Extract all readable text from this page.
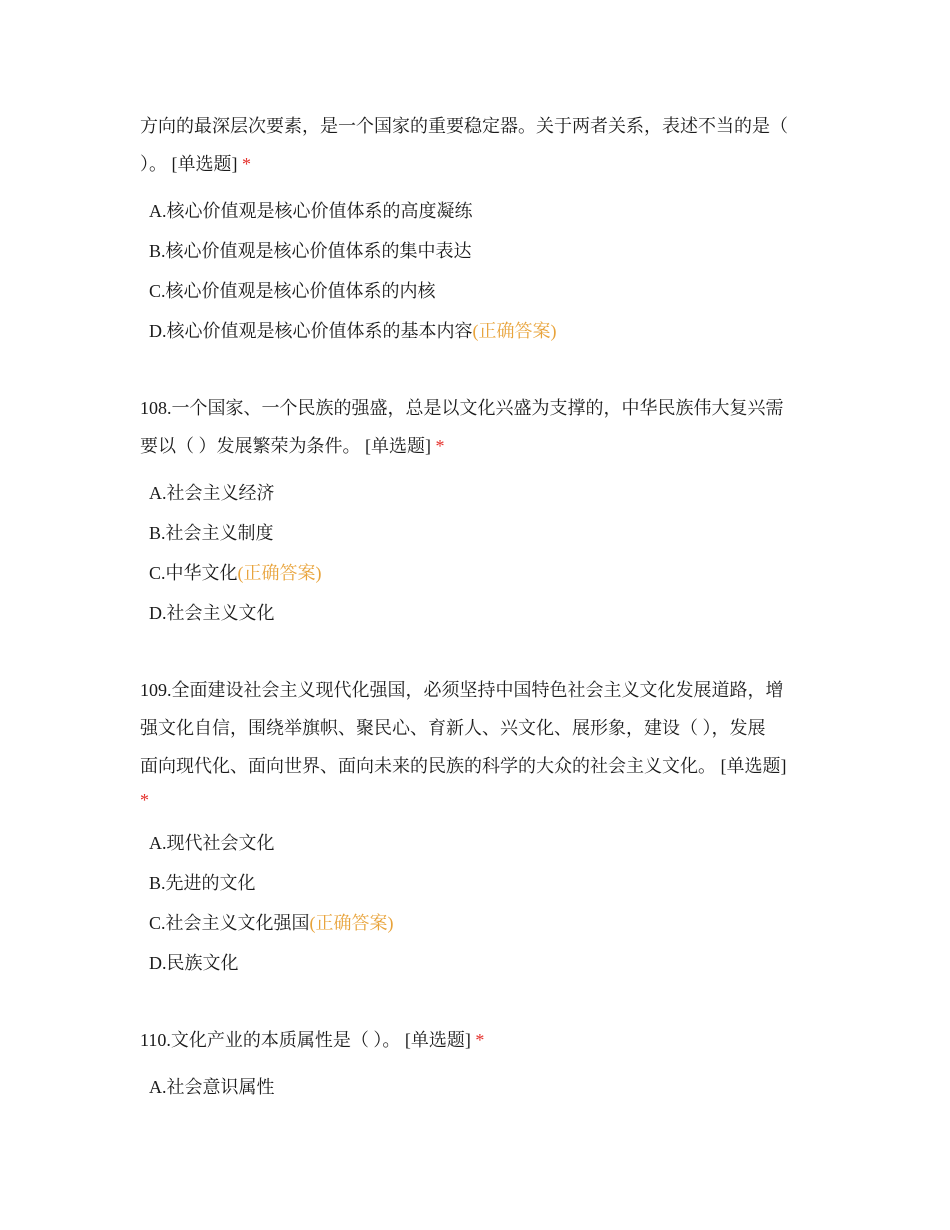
方向的最深层次要素，是一个国家的重要稳定器。关于两者关系，表述不当的是（
）。 [单选题] *
A.核心价值观是核心价值体系的高度凝练
B.核心价值观是核心价值体系的集中表达
C.核心价值观是核心价值体系的内核
D.核心价值观是核心价值体系的基本内容(正确答案)
108.一个国家、一个民族的强盛，总是以文化兴盛为支撑的，中华民族伟大复兴需
要以（ ）发展繁荣为条件。 [单选题] *
A.社会主义经济
B.社会主义制度
C.中华文化(正确答案)
D.社会主义文化
109.全面建设社会主义现代化强国，必须坚持中国特色社会主义文化发展道路，增
强文化自信，围绕举旗帜、聚民心、育新人、兴文化、展形象，建设（ ），发展
面向现代化、面向世界、面向未来的民族的科学的大众的社会主义文化。 [单选题]
*
A.现代社会文化
B.先进的文化
C.社会主义文化强国(正确答案)
D.民族文化
110.文化产业的本质属性是（ ）。 [单选题] *
A.社会意识属性
